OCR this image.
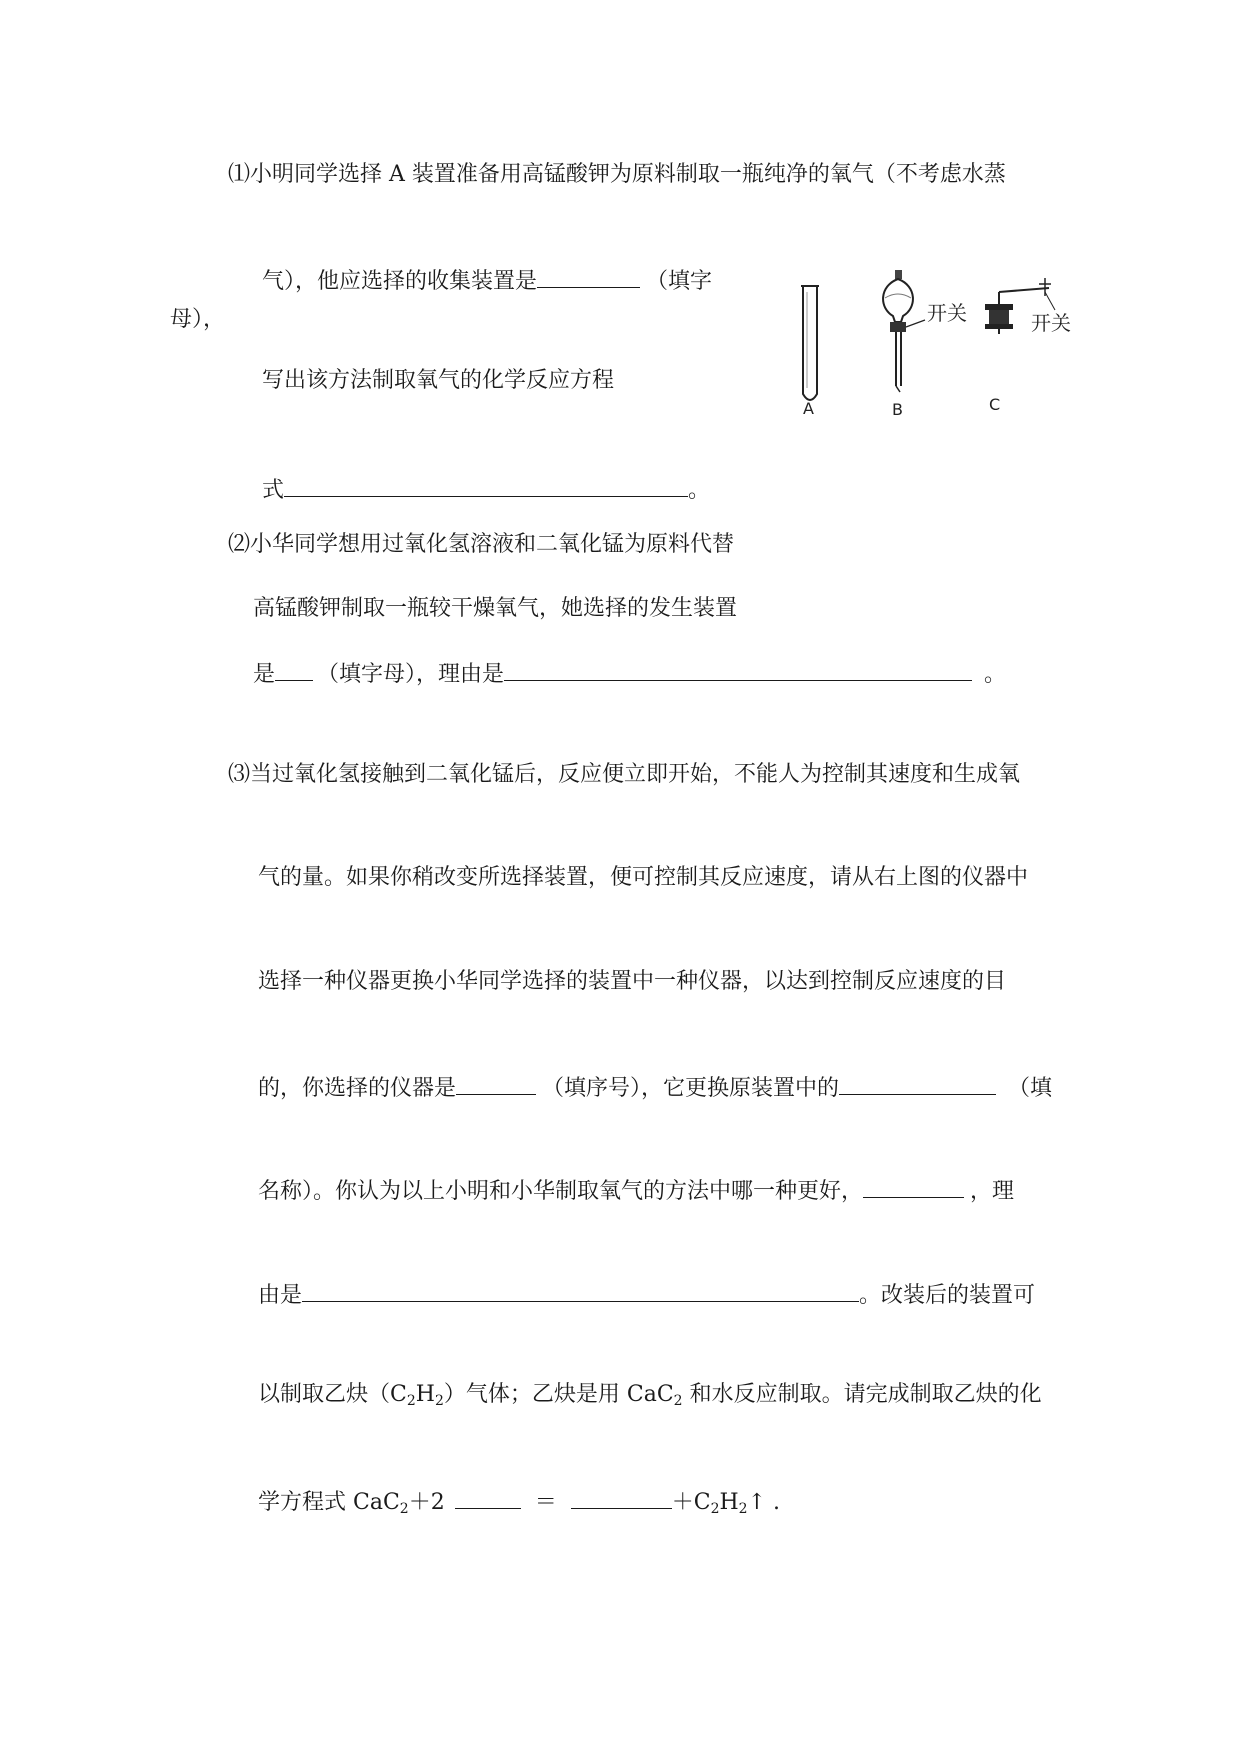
⑴小明同学选择 A 装置准备用高锰酸钾为原料制取一瓶纯净的氧气（不考虑水蒸
气），他应选择的收集装置是	（填字
母），
写出该方法制取氧气的化学反应方程
式	。
开关	开关
A	B	C
⑵小华同学想用过氧化氢溶液和二氧化锰为原料代替
高锰酸钾制取一瓶较干燥氧气，她选择的发生装置
是 （填字母），理由是	。
⑶当过氧化氢接触到二氧化锰后，反应便立即开始，不能人为控制其速度和生成氧
气的量。如果你稍改变所选择装置，便可控制其反应速度，请从右上图的仪器中
选择一种仪器更换小华同学选择的装置中一种仪器，以达到控制反应速度的目
的，你选择的仪器是	（填序号），它更换原装置中的	（填
名称）。你认为以上小明和小华制取氧气的方法中哪一种更好，	，理
由是	。改装后的装置可
以制取乙炔$(C_2H_2)$气体；乙炔是用 CaC$_2$ 和水反应制取。请完成制取乙炔的化
学方程式 CaC$_2$＋2	＝	$+C_2H_2↑$ .
